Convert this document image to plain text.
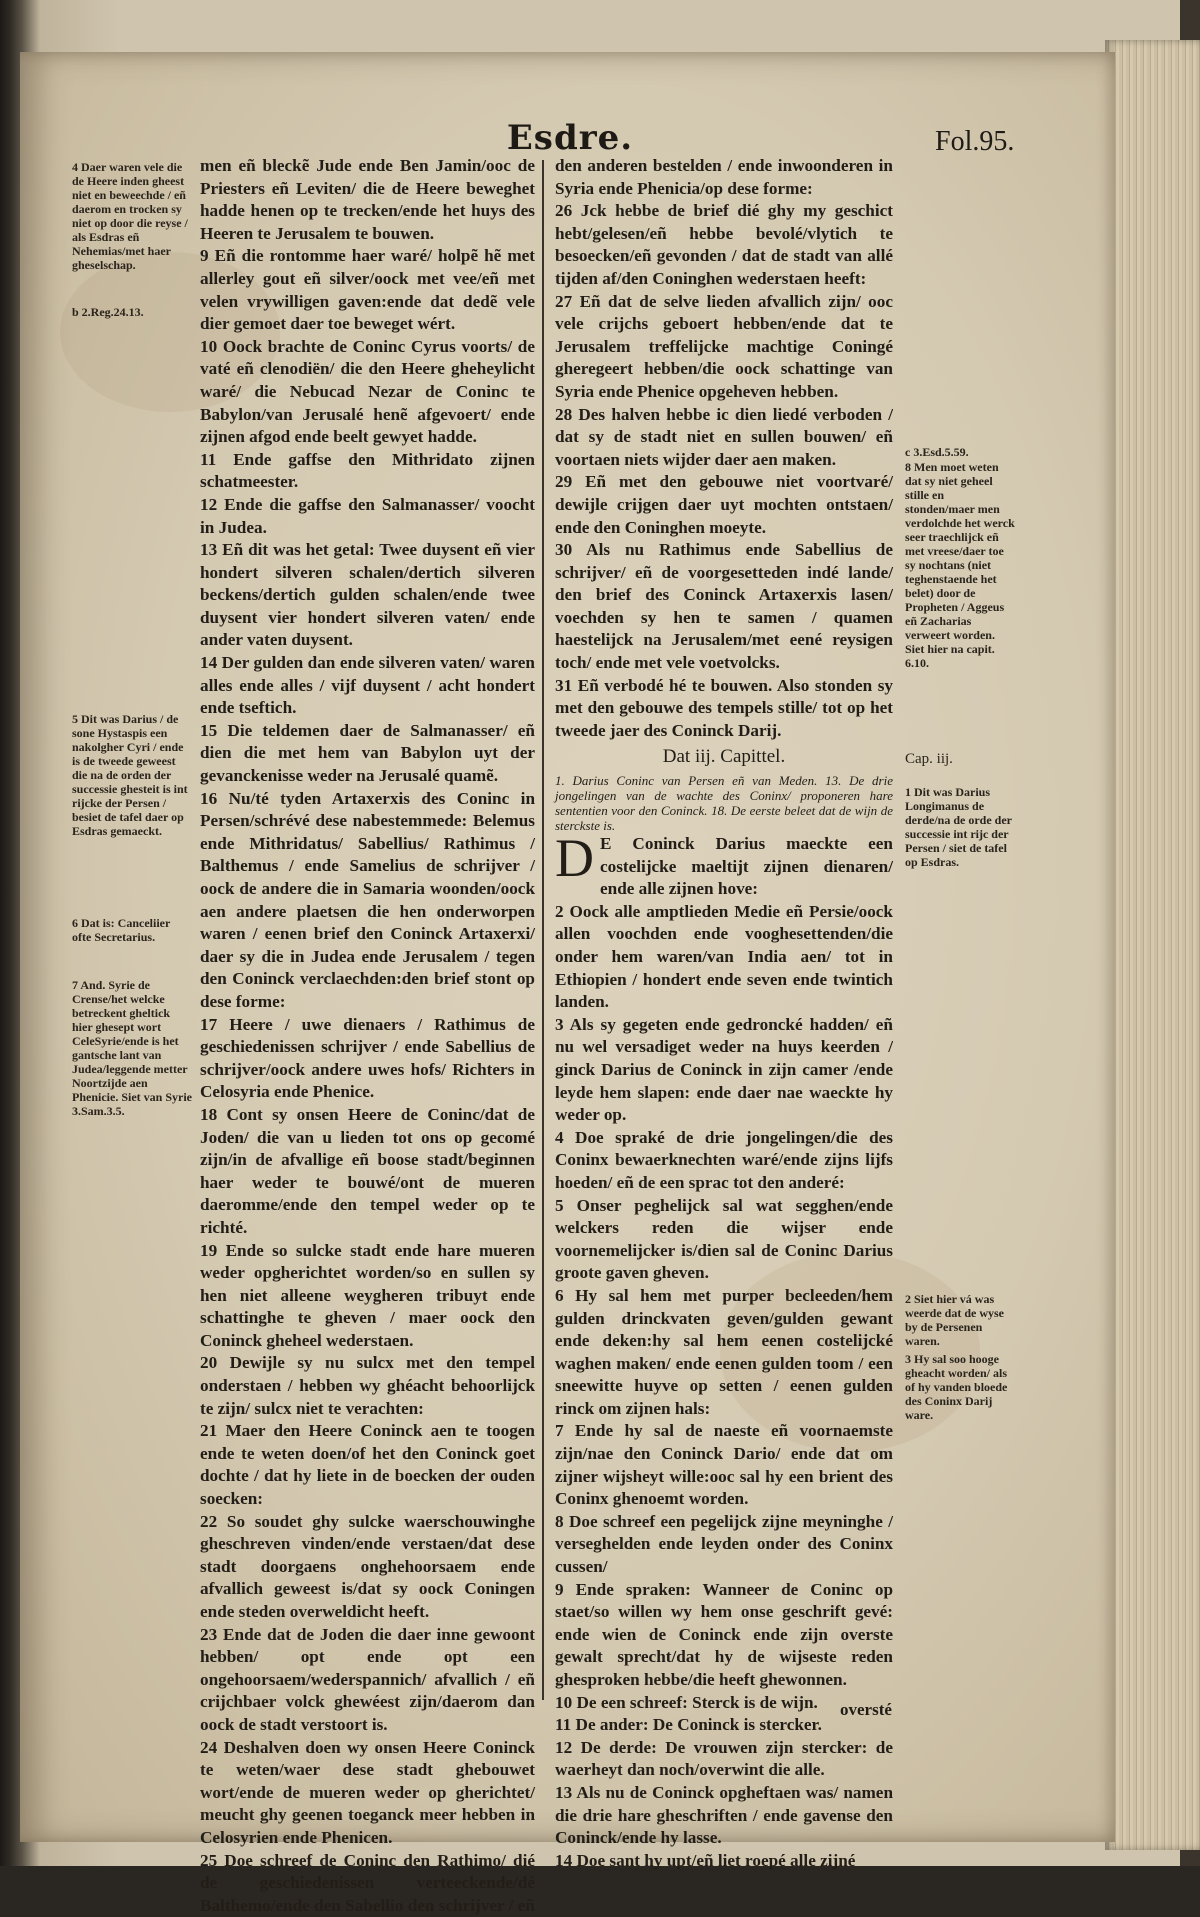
Esdre.	Fol.95.
4 Daer waren vele die de Heere inden gheest niet en beweechde / eñ daerom en trocken sy niet op door die reyse / als Esdras eñ Nehemias/met haer gheselschap.
b 2.Reg.24.13.
5 Dit was Darius / de sone Hystaspis een nakolgher Cyri / ende is de tweede geweest die na de orden der successie ghesteit is int rijcke der Persen / besiet de tafel daer op Esdras gemaeckt.
6 Dat is: Canceliier ofte Secretarius.
7 And. Syrie de Crense/het welcke betreckent gheltick hier ghesept wort CeleSyrie/ende is het gantsche lant van Judea/leggende metter Noortzijde aen Phenicie. Siet van Syrie 3.Sam.3.5.

men eñ bleckẽ Jude ende Ben Jamin/ooc de Priesters eñ Leviten/ die de Heere beweghet hadde henen op te trecken/ende het huys des Heeren te Jerusalem te bouwen.

9 Eñ die rontomme haer waré/ holpẽ hẽ met allerley gout eñ silver/oock met vee/eñ met velen vrywilligen gaven:ende dat dedẽ vele dier gemoet daer toe beweget wért.

10 Oock brachte de Coninc Cyrus voorts/ de vaté eñ clenodiën/ die den Heere gheheylicht waré/ die Nebucad Nezar de Coninc te Babylon/van Jerusalé henẽ afgevoert/ ende zijnen afgod ende beelt gewyet hadde.

11 Ende gaffse den Mithridato zijnen schatmeester.

12 Ende die gaffse den Salmanasser/ voocht in Judea.

13 Eñ dit was het getal: Twee duysent eñ vier hondert silveren schalen/dertich silveren beckens/dertich gulden schalen/ende twee duysent vier hondert silveren vaten/ ende ander vaten duysent.

14 Der gulden dan ende silveren vaten/ waren alles ende alles / vijf duysent / acht hondert ende tseftich.

15 Die teldemen daer de Salmanasser/ eñ dien die met hem van Babylon uyt der gevanckenisse weder na Jerusalé quamẽ.

16 Nu/té tyden Artaxerxis des Coninc in Persen/schrévé dese nabestemmede: Belemus ende Mithridatus/ Sabellius/ Rathimus / Balthemus / ende Samelius de schrijver / oock de andere die in Samaria woonden/oock aen andere plaetsen die hen onderworpen waren / eenen brief den Coninck Artaxerxi/ daer sy die in Judea ende Jerusalem / tegen den Coninck verclaechden:den brief stont op dese forme:

17 Heere / uwe dienaers / Rathimus de geschiedenissen schrijver / ende Sabellius de schrijver/oock andere uwes hofs/ Richters in Celosyria ende Phenice.

18 Cont sy onsen Heere de Coninc/dat de Joden/ die van u lieden tot ons op gecomé zijn/in de afvallige eñ boose stadt/beginnen haer weder te bouwé/ont de mueren daeromme/ende den tempel weder op te richté.

19 Ende so sulcke stadt ende hare mueren weder opgherichtet worden/so en sullen sy hen niet alleene weygheren tribuyt ende schattinghe te gheven / maer oock den Coninck gheheel wederstaen.

20 Dewijle sy nu sulcx met den tempel onderstaen / hebben wy ghéacht behoorlijck te zijn/ sulcx niet te verachten:

21 Maer den Heere Coninck aen te toogen ende te weten doen/of het den Coninck goet dochte / dat hy liete in de boecken der ouden soecken:

22 So soudet ghy sulcke waerschouwinghe gheschreven vinden/ende verstaen/dat dese stadt doorgaens onghehoorsaem ende afvallich geweest is/dat sy oock Coningen ende steden overweldicht heeft.

23 Ende dat de Joden die daer inne gewoont hebben/ opt ende opt een ongehoorsaem/wederspannich/ afvallich / eñ crijchbaer volck ghewéest zijn/daerom dan oock de stadt verstoort is.

24 Deshalven doen wy onsen Heere Coninck te weten/waer dese stadt ghebouwet wort/ende de mueren weder op gherichtet/ meucht ghy geenen toeganck meer hebben in Celosyrien ende Phenicen.

25 Doe schreef de Coninc den Rathimo/ dié de geschiedenissen verteeckende/dé Balthemo/ende den Sabellio den schrijver / eñ

den anderen bestelden / ende inwoonderen in Syria ende Phenicia/op dese forme:

26 Jck hebbe de brief dié ghy my geschict hebt/gelesen/eñ hebbe bevolé/vlytich te besoecken/eñ gevonden / dat de stadt van allé tijden af/den Coninghen wederstaen heeft:

27 Eñ dat de selve lieden afvallich zijn/ ooc vele crijchs geboert hebben/ende dat te Jerusalem treffelijcke machtige Coningé gheregeert hebben/die oock schattinge van Syria ende Phenice opgeheven hebben.

28 Des halven hebbe ic dien liedé verboden / dat sy de stadt niet en sullen bouwen/ eñ voortaen niets wijder daer aen maken.

29 Eñ met den gebouwe niet voortvaré/ dewijle crijgen daer uyt mochten ontstaen/ ende den Coninghen moeyte.

30 Als nu Rathimus ende Sabellius de schrijver/ eñ de voorgesetteden indé lande/ den brief des Coninck Artaxerxis lasen/ voechden sy hen te samen / quamen haestelijck na Jerusalem/met eené reysigen toch/ ende met vele voetvolcks.

31 Eñ verbodé hé te bouwen. Also stonden sy met den gebouwe des tempels stille/ tot op het tweede jaer des Coninck Darij.

Dat iij. Capittel.

1. Darius Coninc van Persen eñ van Meden. 13. De drie jongelingen van de wachte des Coninx/ proponeren hare sententien voor den Coninck. 18. De eerste beleet dat de wijn de sterckste is.

D E Coninck Darius maeckte een costelijcke maeltijt zijnen dienaren/ ende alle zijnen hove:

2 Oock alle amptlieden Medie eñ Persie/oock allen voochden ende vooghesettenden/die onder hem waren/van India aen/ tot in Ethiopien / hondert ende seven ende twintich landen.

3 Als sy gegeten ende gedroncké hadden/ eñ nu wel versadiget weder na huys keerden / ginck Darius de Coninck in zijn camer /ende leyde hem slapen: ende daer nae waeckte hy weder op.

4 Doe spraké de drie jongelingen/die des Coninx bewaerknechten waré/ende zijns lijfs hoeden/ eñ de een sprac tot den anderé:

5 Onser peghelijck sal wat segghen/ende welckers reden die wijser ende voornemelijcker is/dien sal de Coninc Darius groote gaven gheven.

6 Hy sal hem met purper becleeden/hem gulden drinckvaten geven/gulden gewant ende deken:hy sal hem eenen costelijcké waghen maken/ ende eenen gulden toom / een sneewitte huyve op setten / eenen gulden rinck om zijnen hals:

7 Ende hy sal de naeste eñ voornaemste zijn/nae den Coninck Dario/ ende dat om zijner wijsheyt wille:ooc sal hy een brient des Coninx ghenoemt worden.

8 Doe schreef een pegelijck zijne meyninghe / verseghelden ende leyden onder des Coninx cussen/

9 Ende spraken: Wanneer de Coninc op staet/so willen wy hem onse geschrift gevé: ende wien de Coninck ende zijn overste gewalt sprecht/dat hy de wijseste reden ghesproken hebbe/die heeft ghewonnen.

10 De een schreef: Sterck is de wijn.

11 De ander: De Coninck is stercker.

12 De derde: De vrouwen zijn stercker: de waerheyt dan noch/overwint die alle.

13 Als nu de Coninck opgheftaen was/ namen die drie hare gheschriften / ende gavense den Coninck/ende hy lasse.

14 Doe sant hy upt/eñ liet roepé alle zijné

oversté
c 3.Esd.5.59.
8 Men moet weten dat sy niet geheel stille en stonden/maer men verdolchde het werck seer traechlijck eñ met vreese/daer toe sy nochtans (niet teghenstaende het belet) door de Propheten / Aggeus eñ Zacharias verweert worden. Siet hier na capit. 6.10.
Cap. iij.
1 Dit was Darius Longimanus de derde/na de orde der successie int rijc der Persen / siet de tafel op Esdras.
2 Siet hier vá was weerde dat de wyse by de Persenen waren.
3 Hy sal soo hooge gheacht worden/ als of hy vanden bloede des Coninx Darij ware.
